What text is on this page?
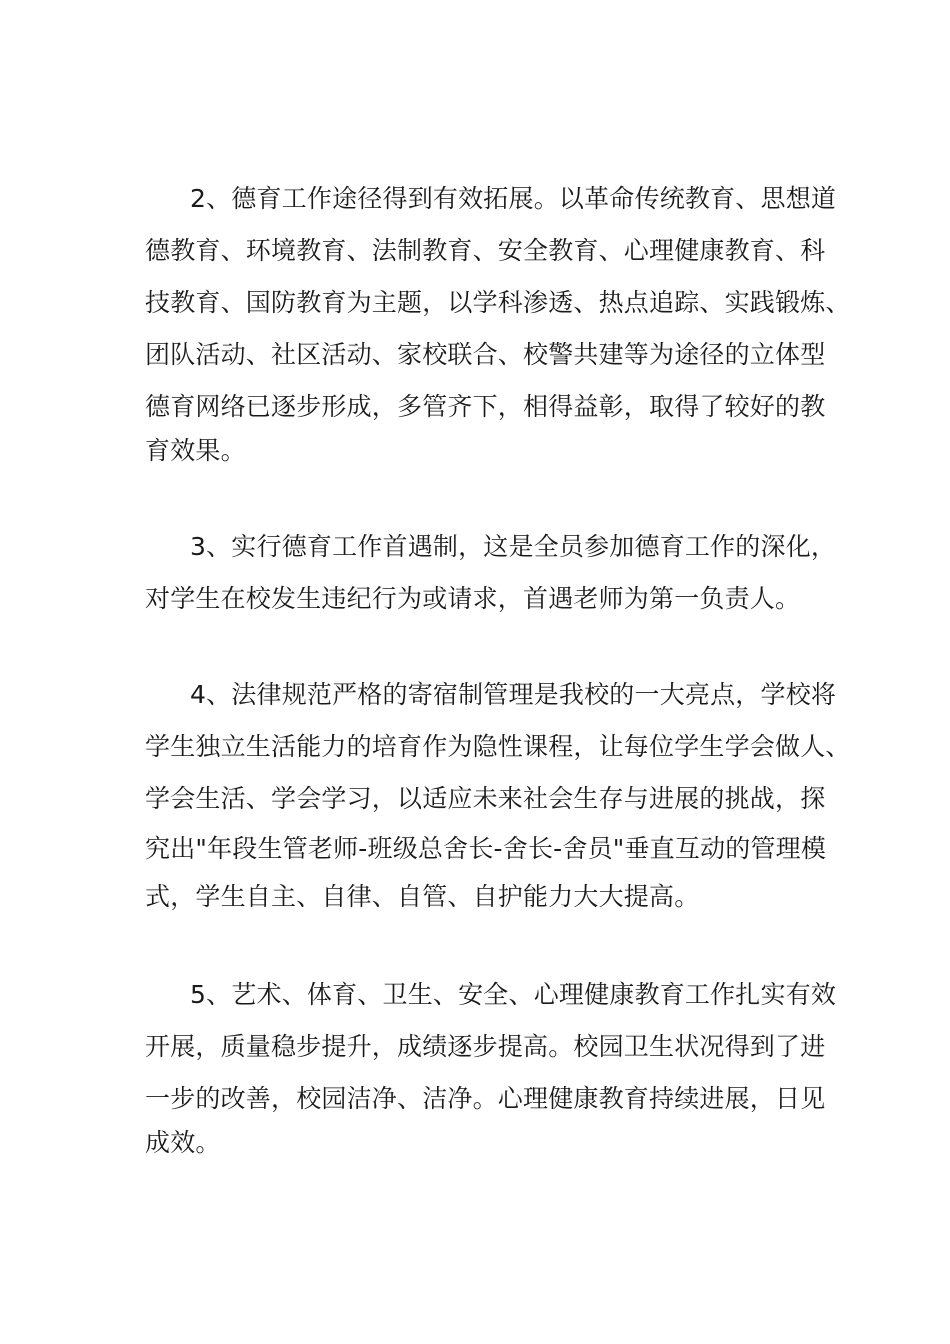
2、德育工作途径得到有效拓展。以革命传统教育、思想道
德教育、环境教育、法制教育、安全教育、心理健康教育、科
技教育、国防教育为主题，以学科渗透、热点追踪、实践锻炼、
团队活动、社区活动、家校联合、校警共建等为途径的立体型
德育网络已逐步形成，多管齐下，相得益彰，取得了较好的教
育效果。
3、实行德育工作首遇制，这是全员参加德育工作的深化，
对学生在校发生违纪行为或请求，首遇老师为第一负责人。
4、法律规范严格的寄宿制管理是我校的一大亮点，学校将
学生独立生活能力的培育作为隐性课程，让每位学生学会做人、
学会生活、学会学习，以适应未来社会生存与进展的挑战，探
究出"年段生管老师-班级总舍长-舍长-舍员"垂直互动的管理模
式，学生自主、自律、自管、自护能力大大提高。
5、艺术、体育、卫生、安全、心理健康教育工作扎实有效
开展，质量稳步提升，成绩逐步提高。校园卫生状况得到了进
一步的改善，校园洁净、洁净。心理健康教育持续进展，日见
成效。
